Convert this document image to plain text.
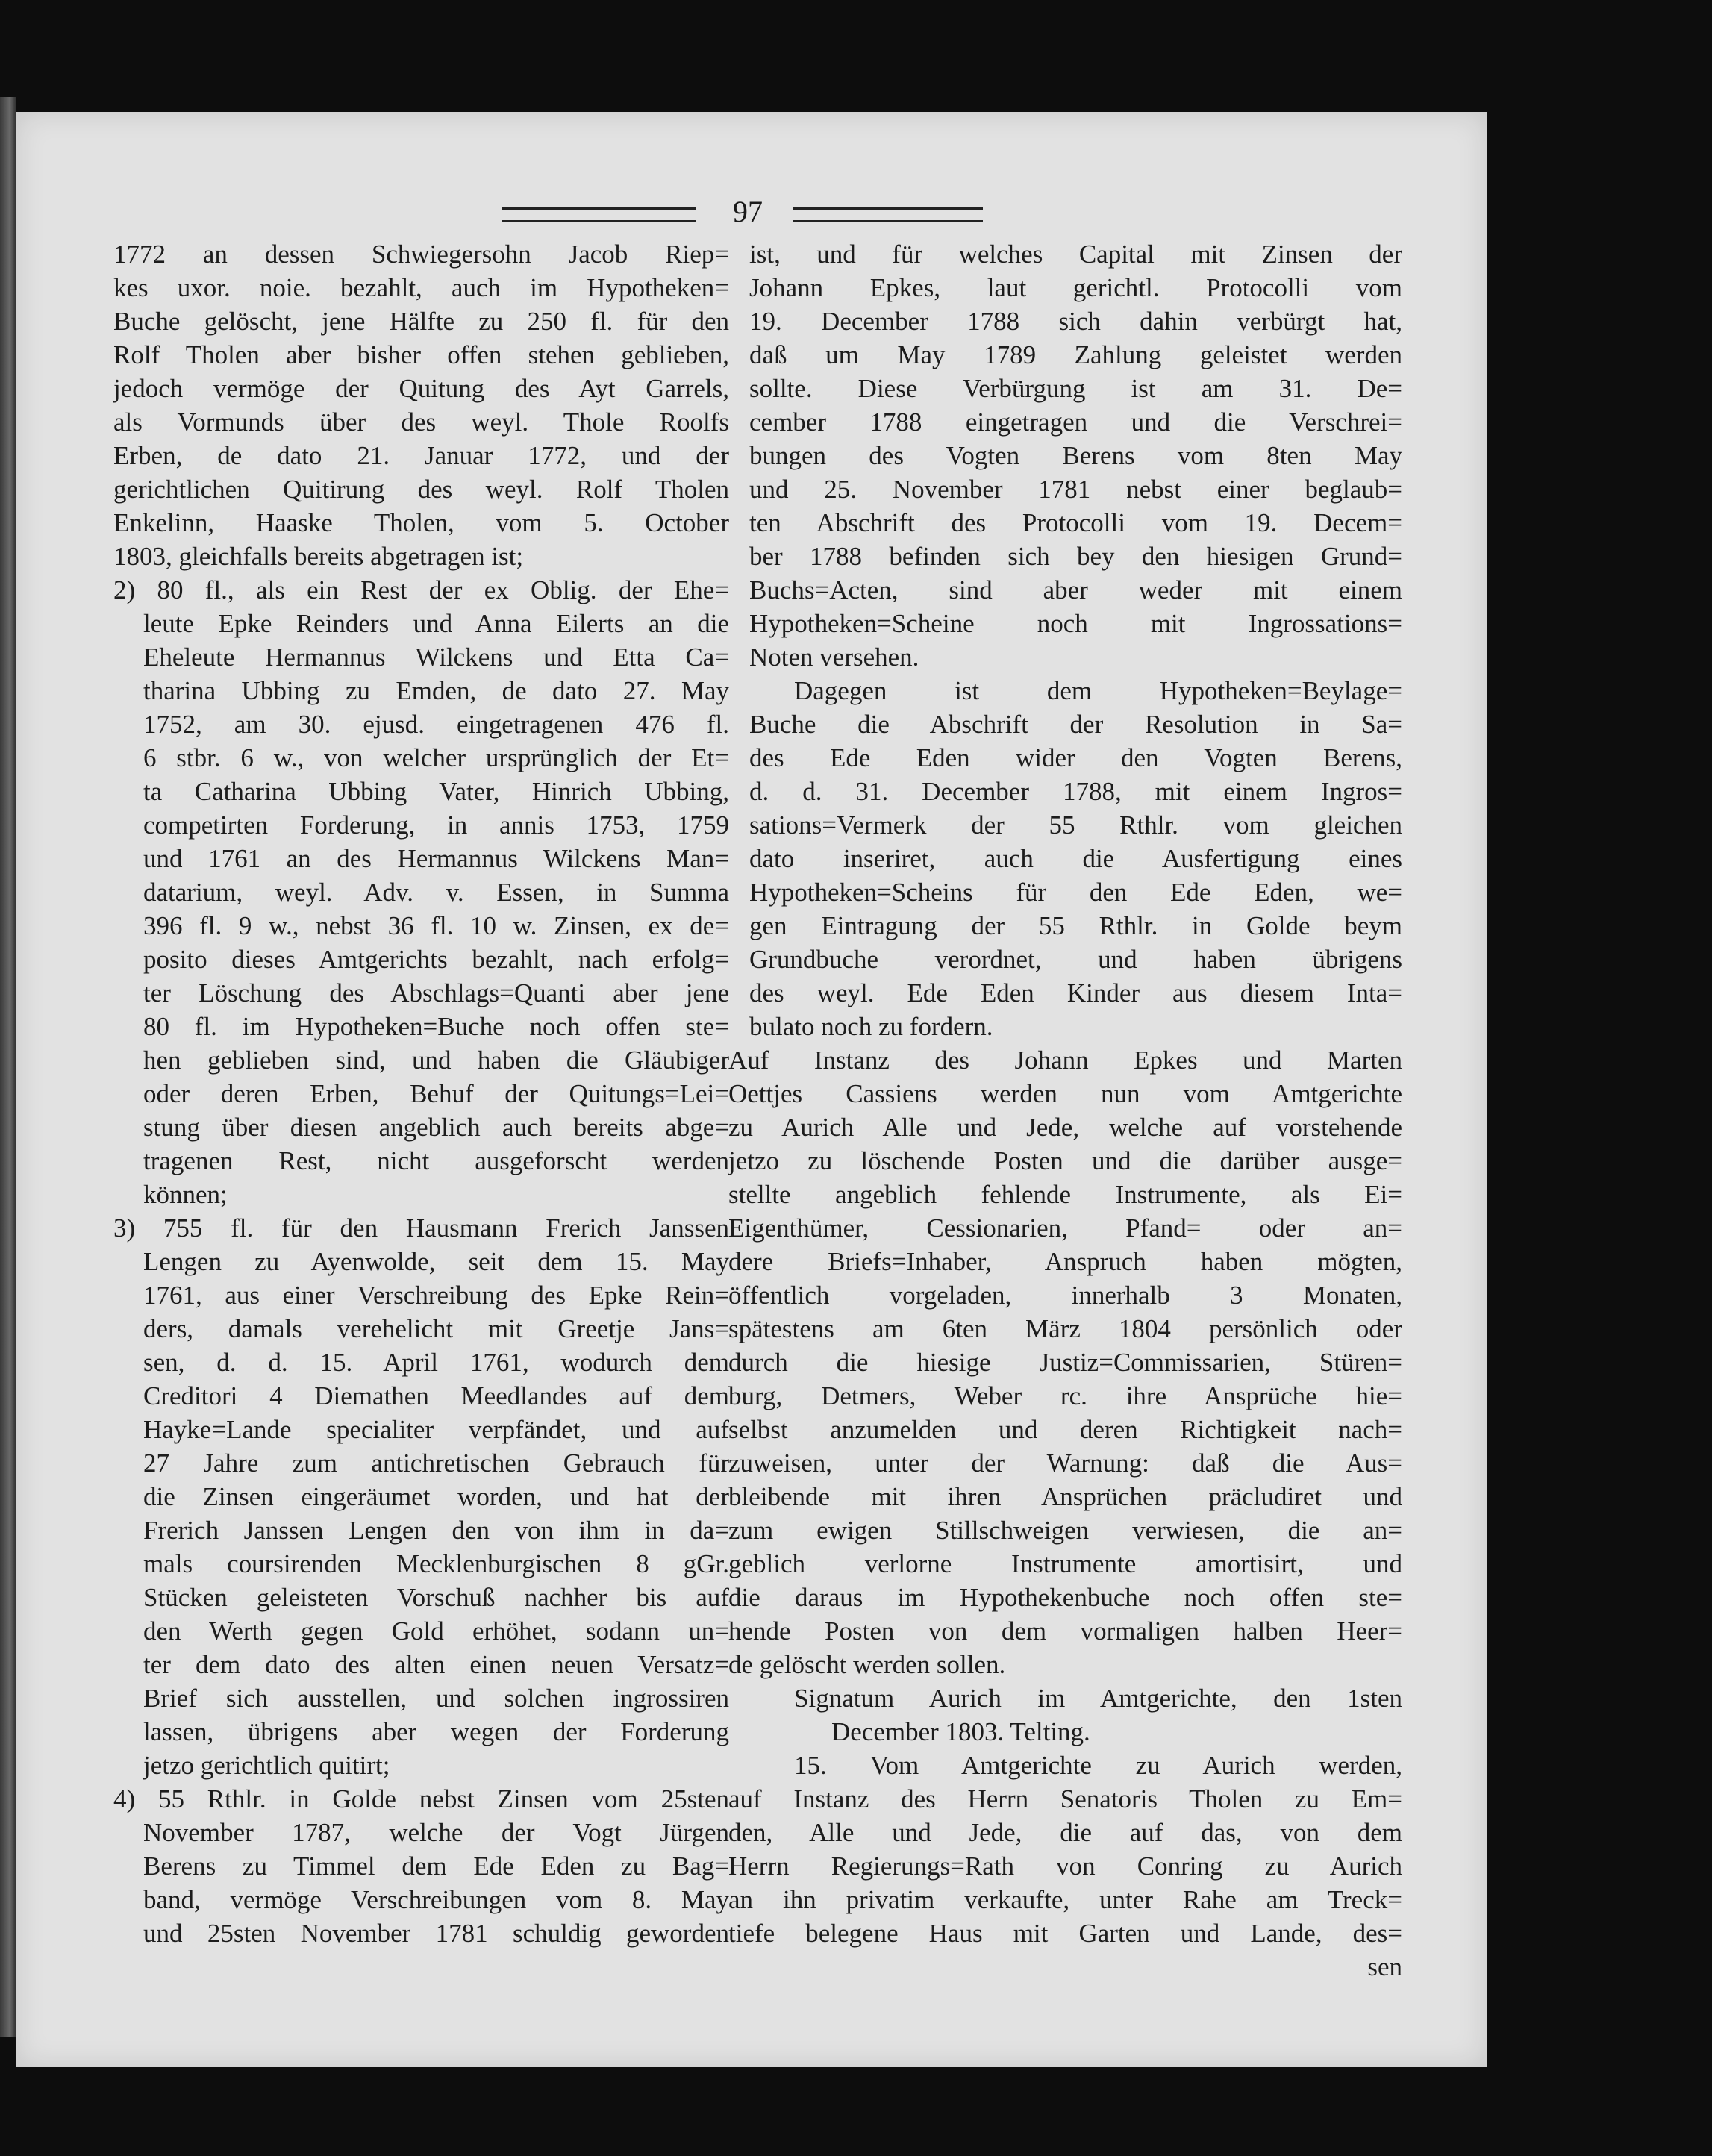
97
1772 an dessen Schwiegersohn Jacob Riep=
kes uxor. noie. bezahlt, auch im Hypotheken=
Buche gelöscht, jene Hälfte zu 250 fl. für den
Rolf Tholen aber bisher offen stehen geblieben,
jedoch vermöge der Quitung des Ayt Garrels,
als Vormunds über des weyl. Thole Roolfs
Erben, de dato 21. Januar 1772, und der
gerichtlichen Quitirung des weyl. Rolf Tholen
Enkelinn, Haaske Tholen, vom 5. October
1803, gleichfalls bereits abgetragen ist;
2) 80 fl., als ein Rest der ex Oblig. der Ehe=
leute Epke Reinders und Anna Eilerts an die
Eheleute Hermannus Wilckens und Etta Ca=
tharina Ubbing zu Emden, de dato 27. May
1752, am 30. ejusd. eingetragenen 476 fl.
6 stbr. 6 w., von welcher ursprünglich der Et=
ta Catharina Ubbing Vater, Hinrich Ubbing,
competirten Forderung, in annis 1753, 1759
und 1761 an des Hermannus Wilckens Man=
datarium, weyl. Adv. v. Essen, in Summa
396 fl. 9 w., nebst 36 fl. 10 w. Zinsen, ex de=
posito dieses Amtgerichts bezahlt, nach erfolg=
ter Löschung des Abschlags=Quanti aber jene
80 fl. im Hypotheken=Buche noch offen ste=
hen geblieben sind, und haben die Gläubiger
oder deren Erben, Behuf der Quitungs=Lei=
stung über diesen angeblich auch bereits abge=
tragenen Rest, nicht ausgeforscht werden
können;
3) 755 fl. für den Hausmann Frerich Janssen
Lengen zu Ayenwolde, seit dem 15. May
1761, aus einer Verschreibung des Epke Rein=
ders, damals verehelicht mit Greetje Jans=
sen, d. d. 15. April 1761, wodurch dem
Creditori 4 Diemathen Meedlandes auf dem
Hayke=Lande specialiter verpfändet, und auf
27 Jahre zum antichretischen Gebrauch für
die Zinsen eingeräumet worden, und hat der
Frerich Janssen Lengen den von ihm in da=
mals coursirenden Mecklenburgischen 8 gGr.
Stücken geleisteten Vorschuß nachher bis auf
den Werth gegen Gold erhöhet, sodann un=
ter dem dato des alten einen neuen Versatz=
Brief sich ausstellen, und solchen ingrossiren
lassen, übrigens aber wegen der Forderung
jetzo gerichtlich quitirt;
4) 55 Rthlr. in Golde nebst Zinsen vom 25sten
November 1787, welche der Vogt Jürgen
Berens zu Timmel dem Ede Eden zu Bag=
band, vermöge Verschreibungen vom 8. May
und 25sten November 1781 schuldig geworden
ist, und für welches Capital mit Zinsen der
Johann Epkes, laut gerichtl. Protocolli vom
19. December 1788 sich dahin verbürgt hat,
daß um May 1789 Zahlung geleistet werden
sollte. Diese Verbürgung ist am 31. De=
cember 1788 eingetragen und die Verschrei=
bungen des Vogten Berens vom 8ten May
und 25. November 1781 nebst einer beglaub=
ten Abschrift des Protocolli vom 19. Decem=
ber 1788 befinden sich bey den hiesigen Grund=
Buchs=Acten, sind aber weder mit einem
Hypotheken=Scheine noch mit Ingrossations=
Noten versehen.
Dagegen ist dem Hypotheken=Beylage=
Buche die Abschrift der Resolution in Sa=
des Ede Eden wider den Vogten Berens,
d. d. 31. December 1788, mit einem Ingros=
sations=Vermerk der 55 Rthlr. vom gleichen
dato inseriret, auch die Ausfertigung eines
Hypotheken=Scheins für den Ede Eden, we=
gen Eintragung der 55 Rthlr. in Golde beym
Grundbuche verordnet, und haben übrigens
des weyl. Ede Eden Kinder aus diesem Inta=
bulato noch zu fordern.
Auf Instanz des Johann Epkes und Marten
Oettjes Cassiens werden nun vom Amtgerichte
zu Aurich Alle und Jede, welche auf vorstehende
jetzo zu löschende Posten und die darüber ausge=
stellte angeblich fehlende Instrumente, als Ei=
Eigenthümer, Cessionarien, Pfand= oder an=
dere Briefs=Inhaber, Anspruch haben mögten,
öffentlich vorgeladen, innerhalb 3 Monaten,
spätestens am 6ten März 1804 persönlich oder
durch die hiesige Justiz=Commissarien, Stüren=
burg, Detmers, Weber rc. ihre Ansprüche hie=
selbst anzumelden und deren Richtigkeit nach=
zuweisen, unter der Warnung: daß die Aus=
bleibende mit ihren Ansprüchen präcludiret und
zum ewigen Stillschweigen verwiesen, die an=
geblich verlorne Instrumente amortisirt, und
die daraus im Hypothekenbuche noch offen ste=
hende Posten von dem vormaligen halben Heer=
de gelöscht werden sollen.
Signatum Aurich im Amtgerichte, den 1sten
December 1803. Telting.
15. Vom Amtgerichte zu Aurich werden,
auf Instanz des Herrn Senatoris Tholen zu Em=
den, Alle und Jede, die auf das, von dem
Herrn Regierungs=Rath von Conring zu Aurich
an ihn privatim verkaufte, unter Rahe am Treck=
tiefe belegene Haus mit Garten und Lande, des=
sen
